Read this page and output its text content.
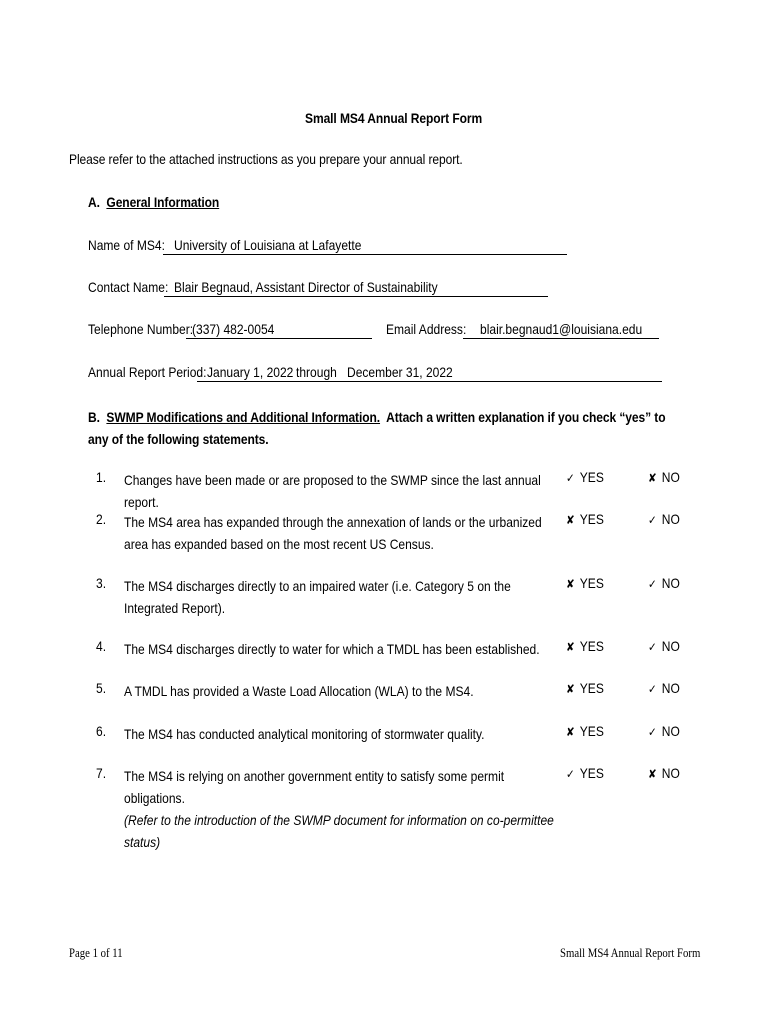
Small MS4 Annual Report Form
Please refer to the attached instructions as you prepare your annual report.
A. General Information
Name of MS4: University of Louisiana at Lafayette
Contact Name: Blair Begnaud, Assistant Director of Sustainability
Telephone Number:
(337) 482-0054	Email Address: blair.begnaud1@louisiana.edu
Annual Report Period: January 1, 2022 through December 31, 2022
B. SWMP Modifications and Additional Information. Attach a written explanation if you check “yes” to any of the following statements.
1. Changes have been made or are proposed to the SWMP since the last annual report.
✓ YES	✘ NO
2. The MS4 area has expanded through the annexation of lands or the urbanized area has expanded based on the most recent US Census.
✘ YES	✓ NO
3. The MS4 discharges directly to an impaired water (i.e. Category 5 on the Integrated Report).
✘ YES	✓ NO
4. The MS4 discharges directly to water for which a TMDL has been established.	✘ YES	✓ NO
5. A TMDL has provided a Waste Load Allocation (WLA) to the MS4.	✘ YES	✓ NO
6. The MS4 has conducted analytical monitoring of stormwater quality.	✘ YES	✓ NO
7. The MS4 is relying on another government entity to satisfy some permit obligations.
(Refer to the introduction of the SWMP document for information on co-permittee status)
✓ YES	✘ NO
Page 1 of 11	Small MS4 Annual Report Form
